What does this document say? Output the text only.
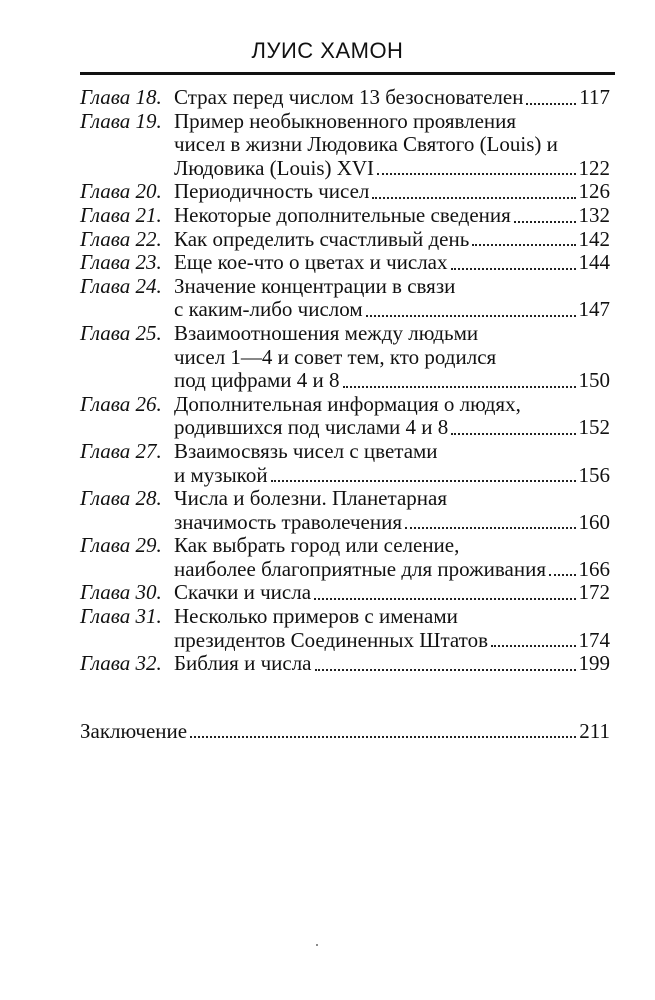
ЛУИС ХАМОН
Глава 18. Страх перед числом 13 безоснователен	117
Глава 19. Пример необыкновенного проявления
чисел в жизни Людовика Святого (Louis) и
Людовика (Louis) XVI	122
Глава 20. Периодичность чисел	126
Глава 21. Некоторые дополнительные сведения	132
Глава 22. Как определить счастливый день	142
Глава 23. Еще кое-что о цветах и числах	144
Глава 24. Значение концентрации в связи
с каким-либо числом	147
Глава 25. Взаимоотношения между людьми
чисел 1—4 и совет тем, кто родился
под цифрами 4 и 8	150
Глава 26. Дополнительная информация о людях,
родившихся под числами 4 и 8	152
Глава 27. Взаимосвязь чисел с цветами
и музыкой	156
Глава 28. Числа и болезни. Планетарная
значимость траволечения	160
Глава 29. Как выбрать город или селение,
наиболее благоприятные для проживания 166
Глава 30. Скачки и числа	172
Глава 31. Несколько примеров с именами
президентов Соединенных Штатов	174
Глава 32. Библия и числа	199
Заключение	211
